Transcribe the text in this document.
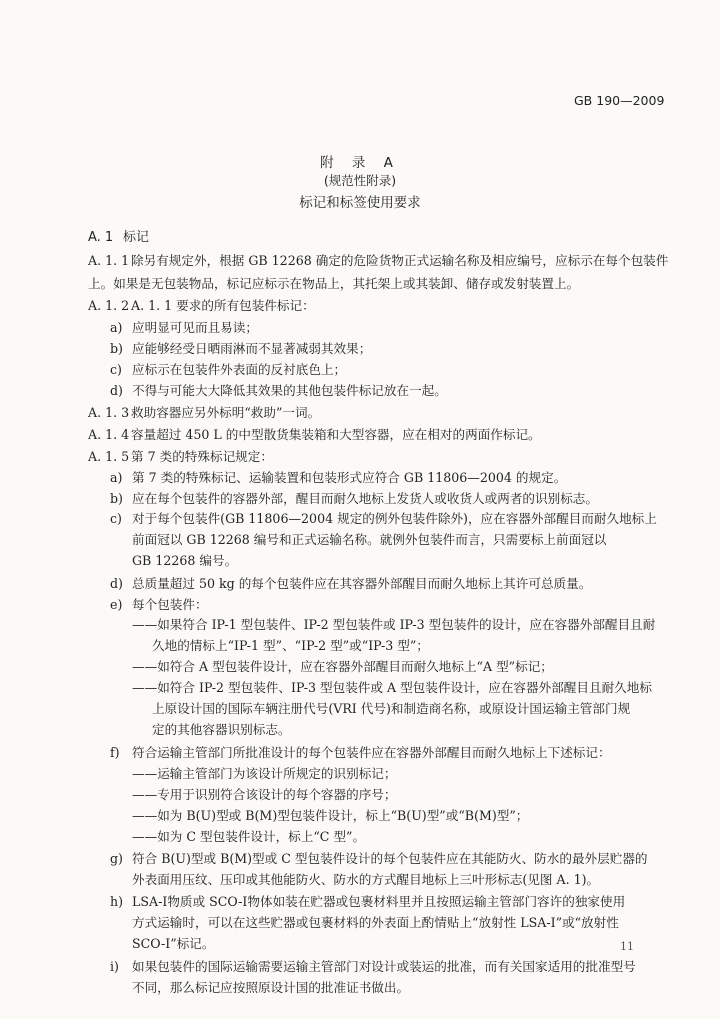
GB 190—2009
附 录 A
(规范性附录)
标记和标签使用要求
A. 1 标记
A. 1. 1 除另有规定外，根据 GB 12268 确定的危险货物正式运输名称及相应编号，应标示在每个包装件
上。如果是无包装物品，标记应标示在物品上，其托架上或其装卸、储存或发射装置上。
A. 1. 2 A. 1. 1 要求的所有包装件标记：
a) 应明显可见而且易读；
b) 应能够经受日晒雨淋而不显著减弱其效果；
c) 应标示在包装件外表面的反衬底色上；
d) 不得与可能大大降低其效果的其他包装件标记放在一起。
A. 1. 3 救助容器应另外标明“救助”一词。
A. 1. 4 容量超过 450 L 的中型散货集装箱和大型容器，应在相对的两面作标记。
A. 1. 5 第 7 类的特殊标记规定：
a) 第 7 类的特殊标记、运输装置和包装形式应符合 GB 11806—2004 的规定。
b) 应在每个包装件的容器外部，醒目而耐久地标上发货人或收货人或两者的识别标志。
c) 对于每个包装件(GB 11806—2004 规定的例外包装件除外)，应在容器外部醒目而耐久地标上
前面冠以 GB 12268 编号和正式运输名称。就例外包装件而言，只需要标上前面冠以
GB 12268 编号。
d) 总质量超过 50 kg 的每个包装件应在其容器外部醒目而耐久地标上其许可总质量。
e) 每个包装件：
——如果符合 IP-1 型包装件、IP-2 型包装件或 IP-3 型包装件的设计，应在容器外部醒目且耐
久地的情标上“IP-1 型”、“IP-2 型”或“IP-3 型”；
——如符合 A 型包装件设计，应在容器外部醒目而耐久地标上“A 型”标记；
——如符合 IP-2 型包装件、IP-3 型包装件或 A 型包装件设计，应在容器外部醒目且耐久地标
上原设计国的国际车辆注册代号(VRI 代号)和制造商名称，或原设计国运输主管部门规
定的其他容器识别标志。
f) 符合运输主管部门所批准设计的每个包装件应在容器外部醒目而耐久地标上下述标记：
——运输主管部门为该设计所规定的识别标记；
——专用于识别符合该设计的每个容器的序号；
——如为 B(U)型或 B(M)型包装件设计，标上“B(U)型”或“B(M)型”；
——如为 C 型包装件设计，标上“C 型”。
g) 符合 B(U)型或 B(M)型或 C 型包装件设计的每个包装件应在其能防火、防水的最外层贮器的
外表面用压纹、压印或其他能防火、防水的方式醒目地标上三叶形标志(见图 A. 1)。
h) LSA-Ⅰ物质或 SCO-Ⅰ物体如装在贮器或包裹材料里并且按照运输主管部门容许的独家使用
方式运输时，可以在这些贮器或包裹材料的外表面上酌情贴上“放射性 LSA-Ⅰ”或“放射性
SCO-Ⅰ”标记。
i) 如果包装件的国际运输需要运输主管部门对设计或装运的批准，而有关国家适用的批准型号
不同，那么标记应按照原设计国的批准证书做出。
11
